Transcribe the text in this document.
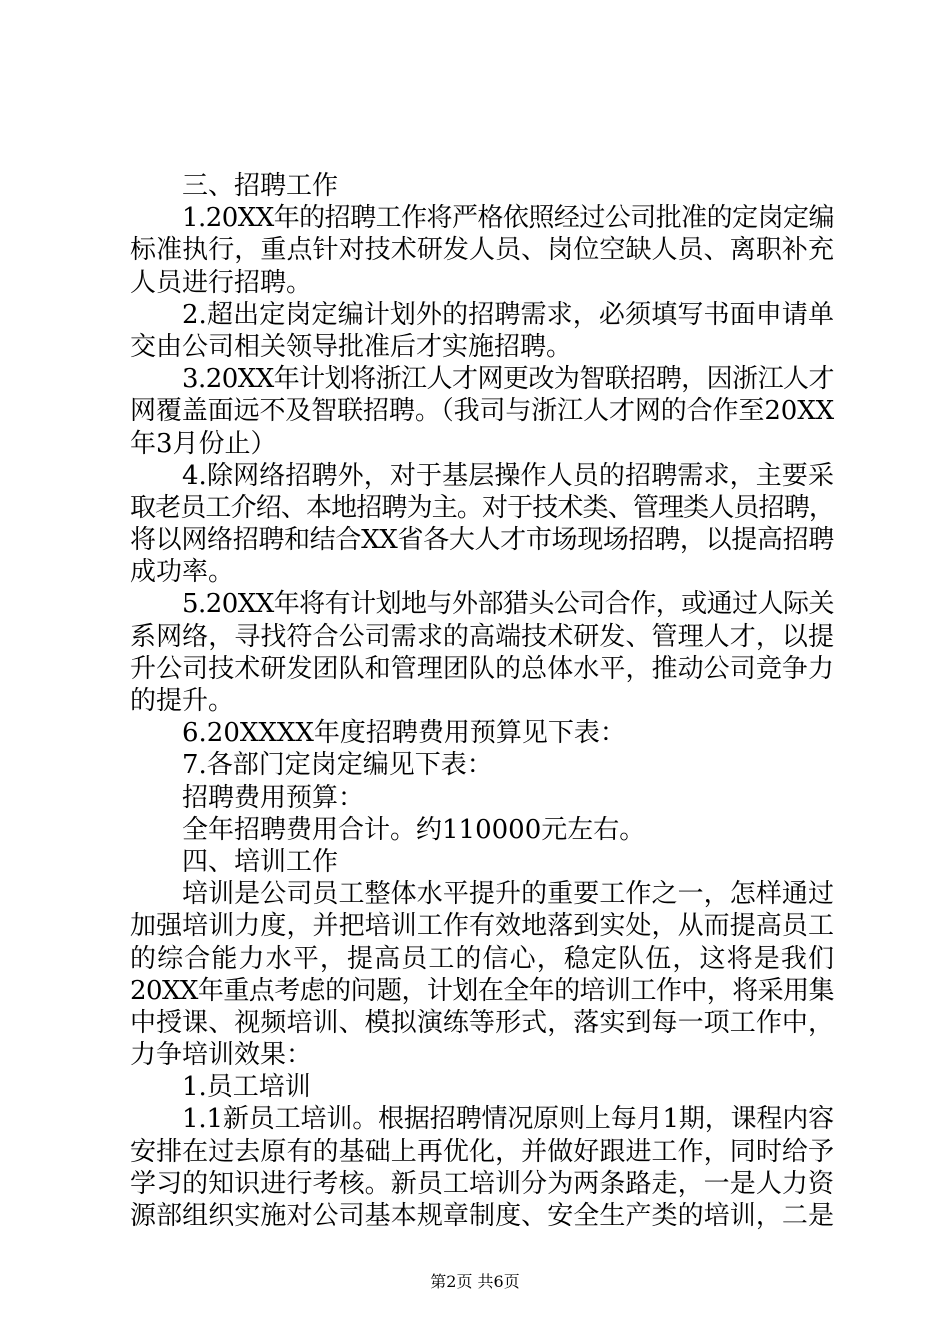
三、招聘工作
1.20XX年的招聘工作将严格依照经过公司批准的定岗定编
标准执行，重点针对技术研发人员、岗位空缺人员、离职补充
人员进行招聘。
2.超出定岗定编计划外的招聘需求，必须填写书面申请单
交由公司相关领导批准后才实施招聘。
3.20XX年计划将浙江人才网更改为智联招聘，因浙江人才
网覆盖面远不及智联招聘。（我司与浙江人才网的合作至20XX
年3月份止）
4.除网络招聘外，对于基层操作人员的招聘需求，主要采
取老员工介绍、本地招聘为主。对于技术类、管理类人员招聘，
将以网络招聘和结合XX省各大人才市场现场招聘，以提高招聘
成功率。
5.20XX年将有计划地与外部猎头公司合作，或通过人际关
系网络，寻找符合公司需求的高端技术研发、管理人才，以提
升公司技术研发团队和管理团队的总体水平，推动公司竞争力
的提升。
6.20XXXX年度招聘费用预算见下表：
7.各部门定岗定编见下表：
招聘费用预算：
全年招聘费用合计。约110000元左右。
四、培训工作
培训是公司员工整体水平提升的重要工作之一，怎样通过
加强培训力度，并把培训工作有效地落到实处，从而提高员工
的综合能力水平，提高员工的信心，稳定队伍，这将是我们
20XX年重点考虑的问题，计划在全年的培训工作中，将采用集
中授课、视频培训、模拟演练等形式，落实到每一项工作中，
力争培训效果：
1.员工培训
1.1新员工培训。根据招聘情况原则上每月1期，课程内容
安排在过去原有的基础上再优化，并做好跟进工作，同时给予
学习的知识进行考核。新员工培训分为两条路走，一是人力资
源部组织实施对公司基本规章制度、安全生产类的培训，二是
第2页 共6页
